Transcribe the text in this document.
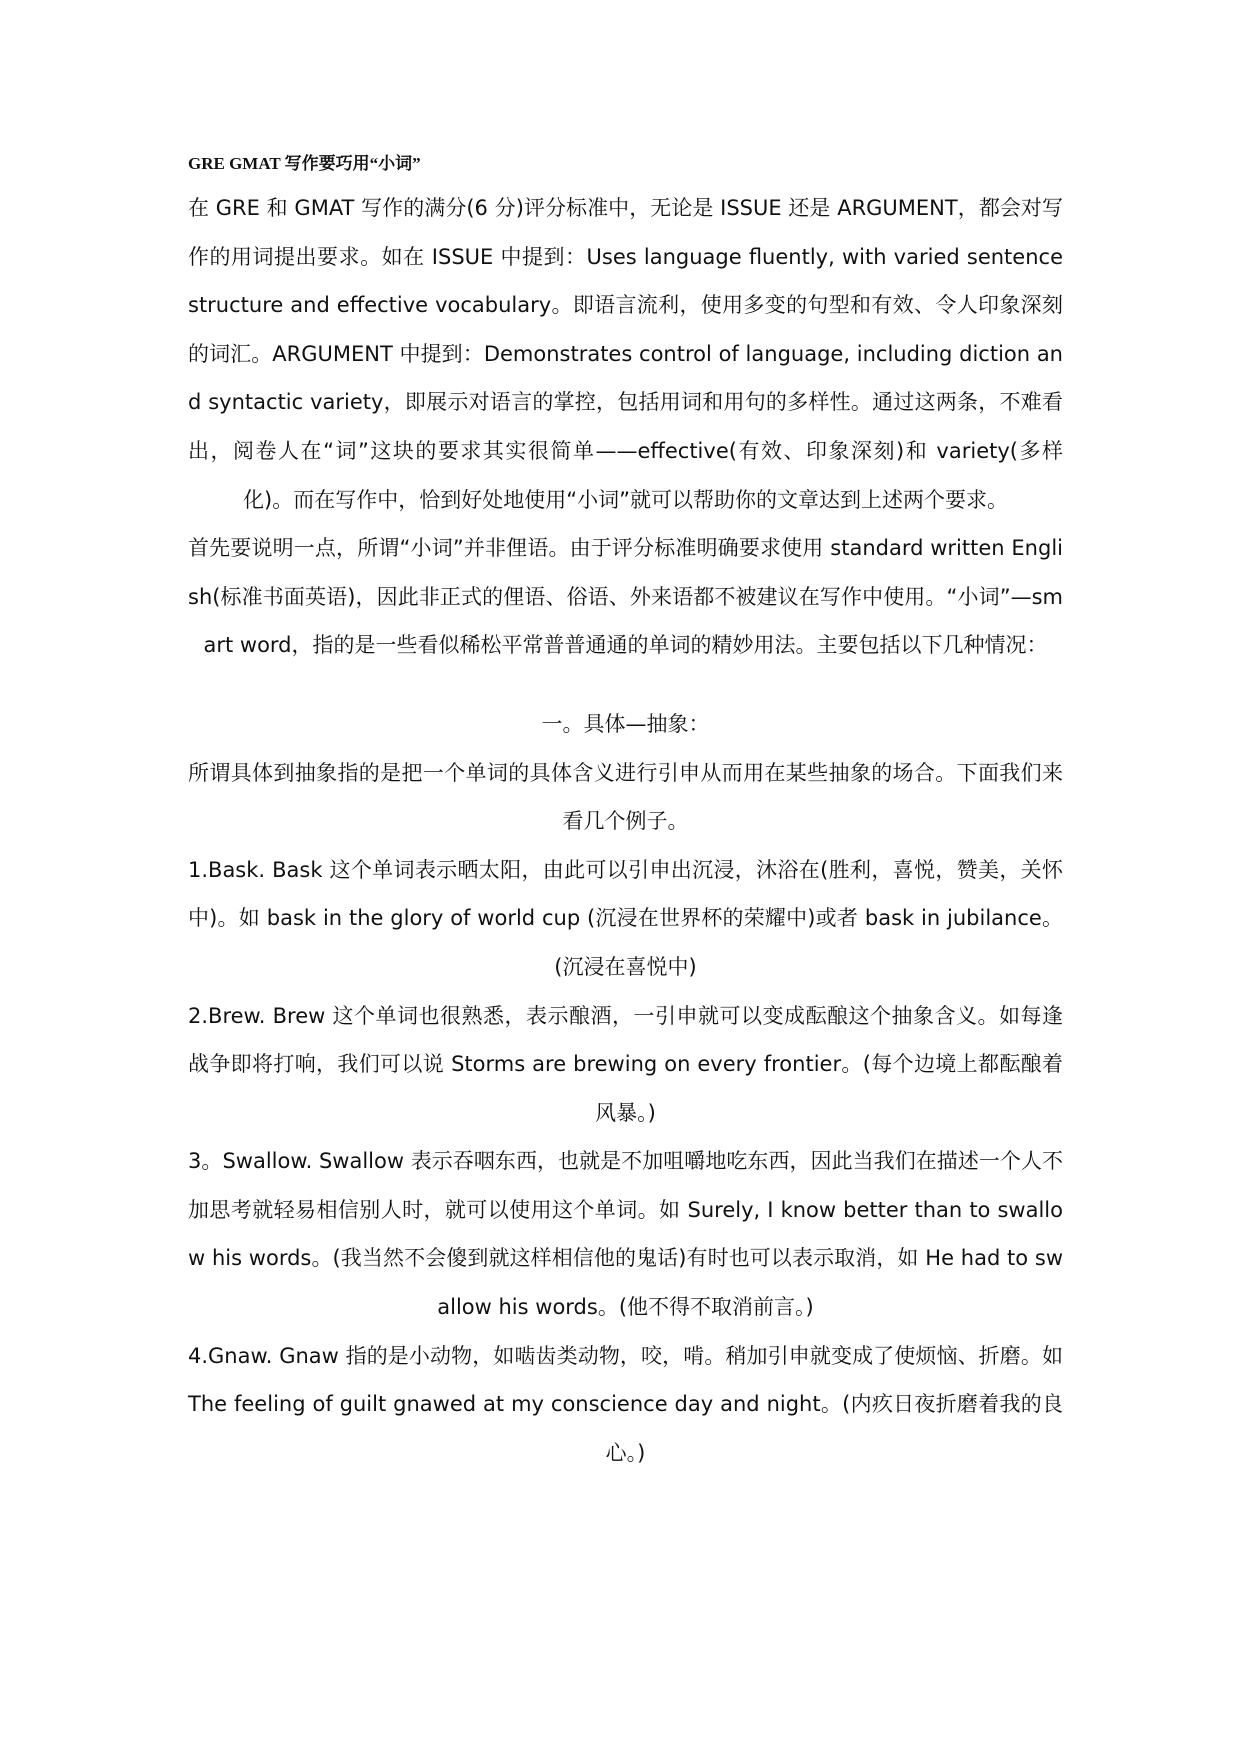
GRE GMAT 写作要巧用“小词”

在 GRE 和 GMAT 写作的满分(6 分)评分标准中，无论是 ISSUE 还是 ARGUMENT，都会对写作的用词提出要求。如在 ISSUE 中提到：Uses language fluently, with varied sentence structure and effective vocabulary。即语言流利，使用多变的句型和有效、令人印象深刻的词汇。ARGUMENT 中提到：Demonstrates control of language, including diction and syntactic variety，即展示对语言的掌控，包括用词和用句的多样性。通过这两条，不难看出，阅卷人在“词”这块的要求其实很简单——effective(有效、印象深刻)和 variety(多样化)。而在写作中，恰到好处地使用“小词”就可以帮助你的文章达到上述两个要求。

首先要说明一点，所谓“小词”并非俚语。由于评分标准明确要求使用 standard written English(标准书面英语)，因此非正式的俚语、俗语、外来语都不被建议在写作中使用。“小词”—smart word，指的是一些看似稀松平常普普通通的单词的精妙用法。主要包括以下几种情况：

一。具体—抽象：

所谓具体到抽象指的是把一个单词的具体含义进行引申从而用在某些抽象的场合。下面我们来看几个例子。

1.Bask. Bask 这个单词表示晒太阳，由此可以引申出沉浸，沐浴在(胜利，喜悦，赞美，关怀中)。如 bask in the glory of world cup (沉浸在世界杯的荣耀中)或者 bask in jubilance。(沉浸在喜悦中)

2.Brew. Brew 这个单词也很熟悉，表示酿酒，一引申就可以变成酝酿这个抽象含义。如每逢战争即将打响，我们可以说 Storms are brewing on every frontier。(每个边境上都酝酿着风暴。)

3。Swallow. Swallow 表示吞咽东西，也就是不加咀嚼地吃东西，因此当我们在描述一个人不加思考就轻易相信别人时，就可以使用这个单词。如 Surely, I know better than to swallow his words。(我当然不会傻到就这样相信他的鬼话)有时也可以表示取消，如 He had to swallow his words。(他不得不取消前言。)

4.Gnaw. Gnaw 指的是小动物，如啮齿类动物，咬，啃。稍加引申就变成了使烦恼、折磨。如 The feeling of guilt gnawed at my conscience day and night。(内疚日夜折磨着我的良心。)
